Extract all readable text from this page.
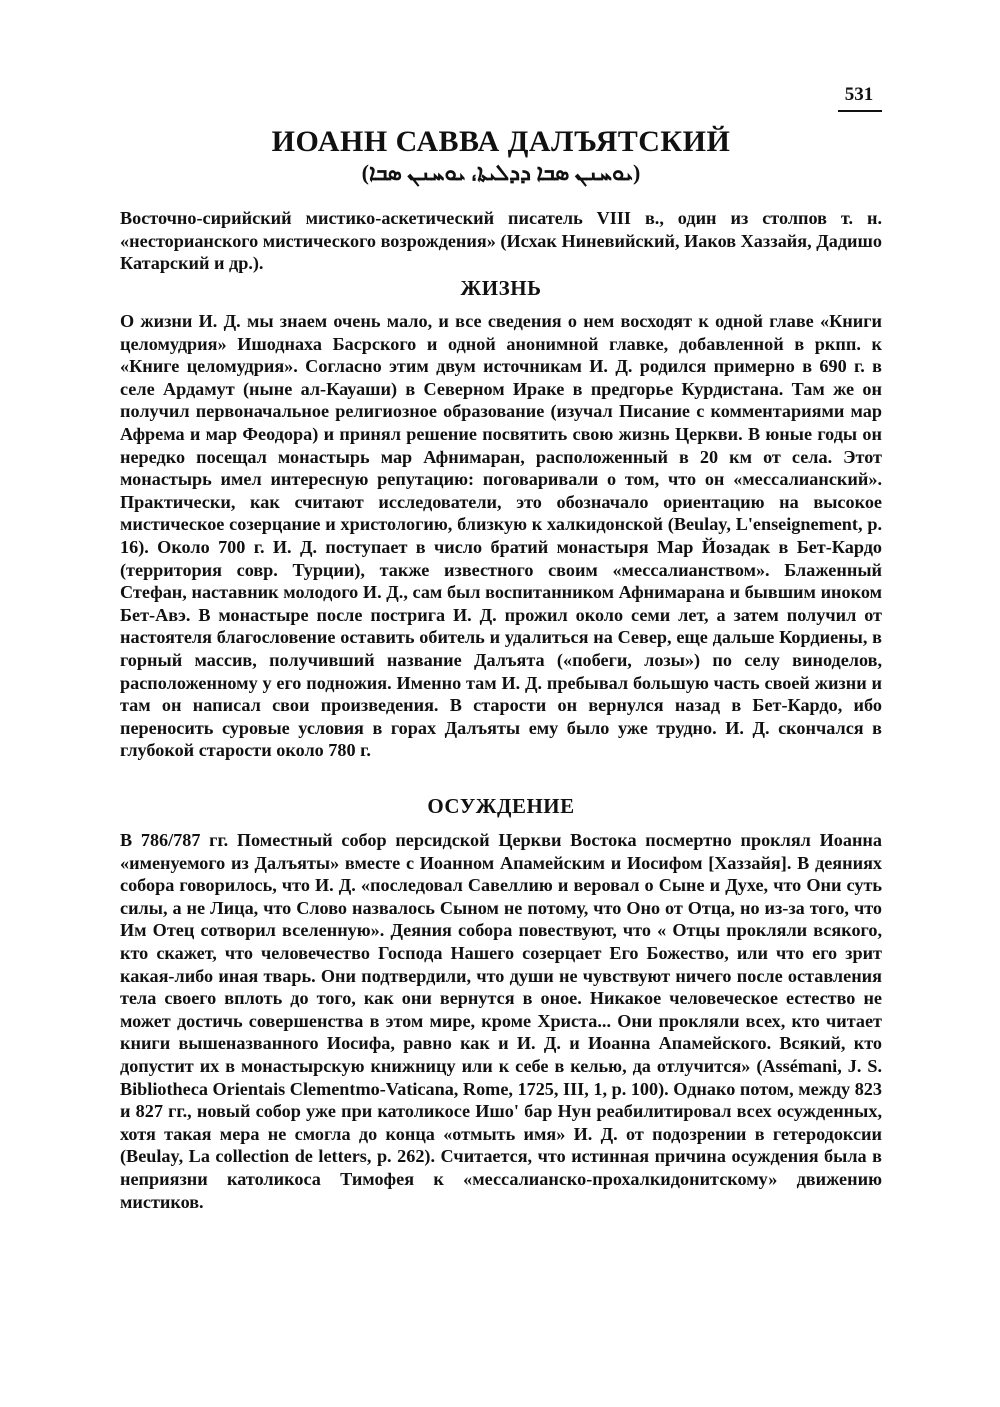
531
ИОАНН САВВА ДАЛЪЯТСКИЙ
(ܝܘܚܢܢ ܣܒܐ ܕܕܠܝܬܐ، ܝܘܚܢܢ ܣܒܐ)

Восточно-сирийский мистико-аскетический писатель VIII в., один из столпов т. н. «несторианского мистического возрождения» (Исхак Ниневийский, Иаков Хаззайя, Дадишо Катарский и др.).

ЖИЗНЬ

О жизни И. Д. мы знаем очень мало, и все сведения о нем восходят к одной главе «Книги целомудрия» Ишоднаха Басрского и одной анонимной главке, добавленной в ркпп. к «Книге целомудрия». Согласно этим двум источникам И. Д. родился примерно в 690 г. в селе Ардамут (ныне ал-Кауаши) в Северном Ираке в предгорье Курдистана. Там же он получил первоначальное религиозное образование (изучал Писание с комментариями мар Афрема и мар Феодора) и принял решение посвятить свою жизнь Церкви. В юные годы он нередко посещал монастырь мар Афнимаран, расположенный в 20 км от села. Этот монастырь имел интересную репутацию: поговаривали о том, что он «мессалианский». Практически, как считают исследователи, это обозначало ориентацию на высокое мистическое созерцание и христологию, близкую к халкидонской (Beulay, L'enseignement, p. 16). Около 700 г. И. Д. поступает в число братий монастыря Мар Йозадак в Бет-Кардо (территория совр. Турции), также известного своим «мессалианством». Блаженный Стефан, наставник молодого И. Д., сам был воспитанником Афнимарана и бывшим иноком Бет-Авэ. В монастыре после пострига И. Д. прожил около семи лет, а затем получил от настоятеля благословение оставить обитель и удалиться на Север, еще дальше Кордиены, в горный массив, получивший название Далъята («побеги, лозы») по селу виноделов, расположенному у его подножия. Именно там И. Д. пребывал большую часть своей жизни и там он написал свои произведения. В старости он вернулся назад в Бет-Кардо, ибо переносить суровые условия в горах Далъяты ему было уже трудно. И. Д. скончался в глубокой старости около 780 г.

ОСУЖДЕНИЕ

В 786/787 гг. Поместный собор персидской Церкви Востока посмертно проклял Иоанна «именуемого из Далъяты» вместе с Иоанном Апамейским и Иосифом [Хаззайя]. В деяниях собора говорилось, что И. Д. «последовал Савеллию и веровал о Сыне и Духе, что Они суть силы, а не Лица, что Слово назвалось Сыном не потому, что Оно от Отца, но из-за того, что Им Отец сотворил вселенную». Деяния собора повествуют, что « Отцы прокляли всякого, кто скажет, что человечество Господа Нашего созерцает Его Божество, или что его зрит какая-либо иная тварь. Они подтвердили, что души не чувствуют ничего после оставления тела своего вплоть до того, как они вернутся в оное. Никакое человеческое естество не может достичь совершенства в этом мире, кроме Христа... Они прокляли всех, кто читает книги вышеназванного Иосифа, равно как и И. Д. и Иоанна Апамейского. Всякий, кто допустит их в монастырскую книжницу или к себе в келью, да отлучится» (Assémani, J. S. Bibliotheca Orientais Clementmo-Vaticana, Rome, 1725, III, 1, p. 100). Однако потом, между 823 и 827 гг., новый собор уже при католикосе Ишо' бар Нун реабилитировал всех осужденных, хотя такая мера не смогла до конца «отмыть имя» И. Д. от подозрении в гетеродоксии (Beulay, La collection de letters, p. 262). Считается, что истинная причина осуждения была в неприязни католикоса Тимофея к «мессалианско-прохалкидонитскому» движению мистиков.
